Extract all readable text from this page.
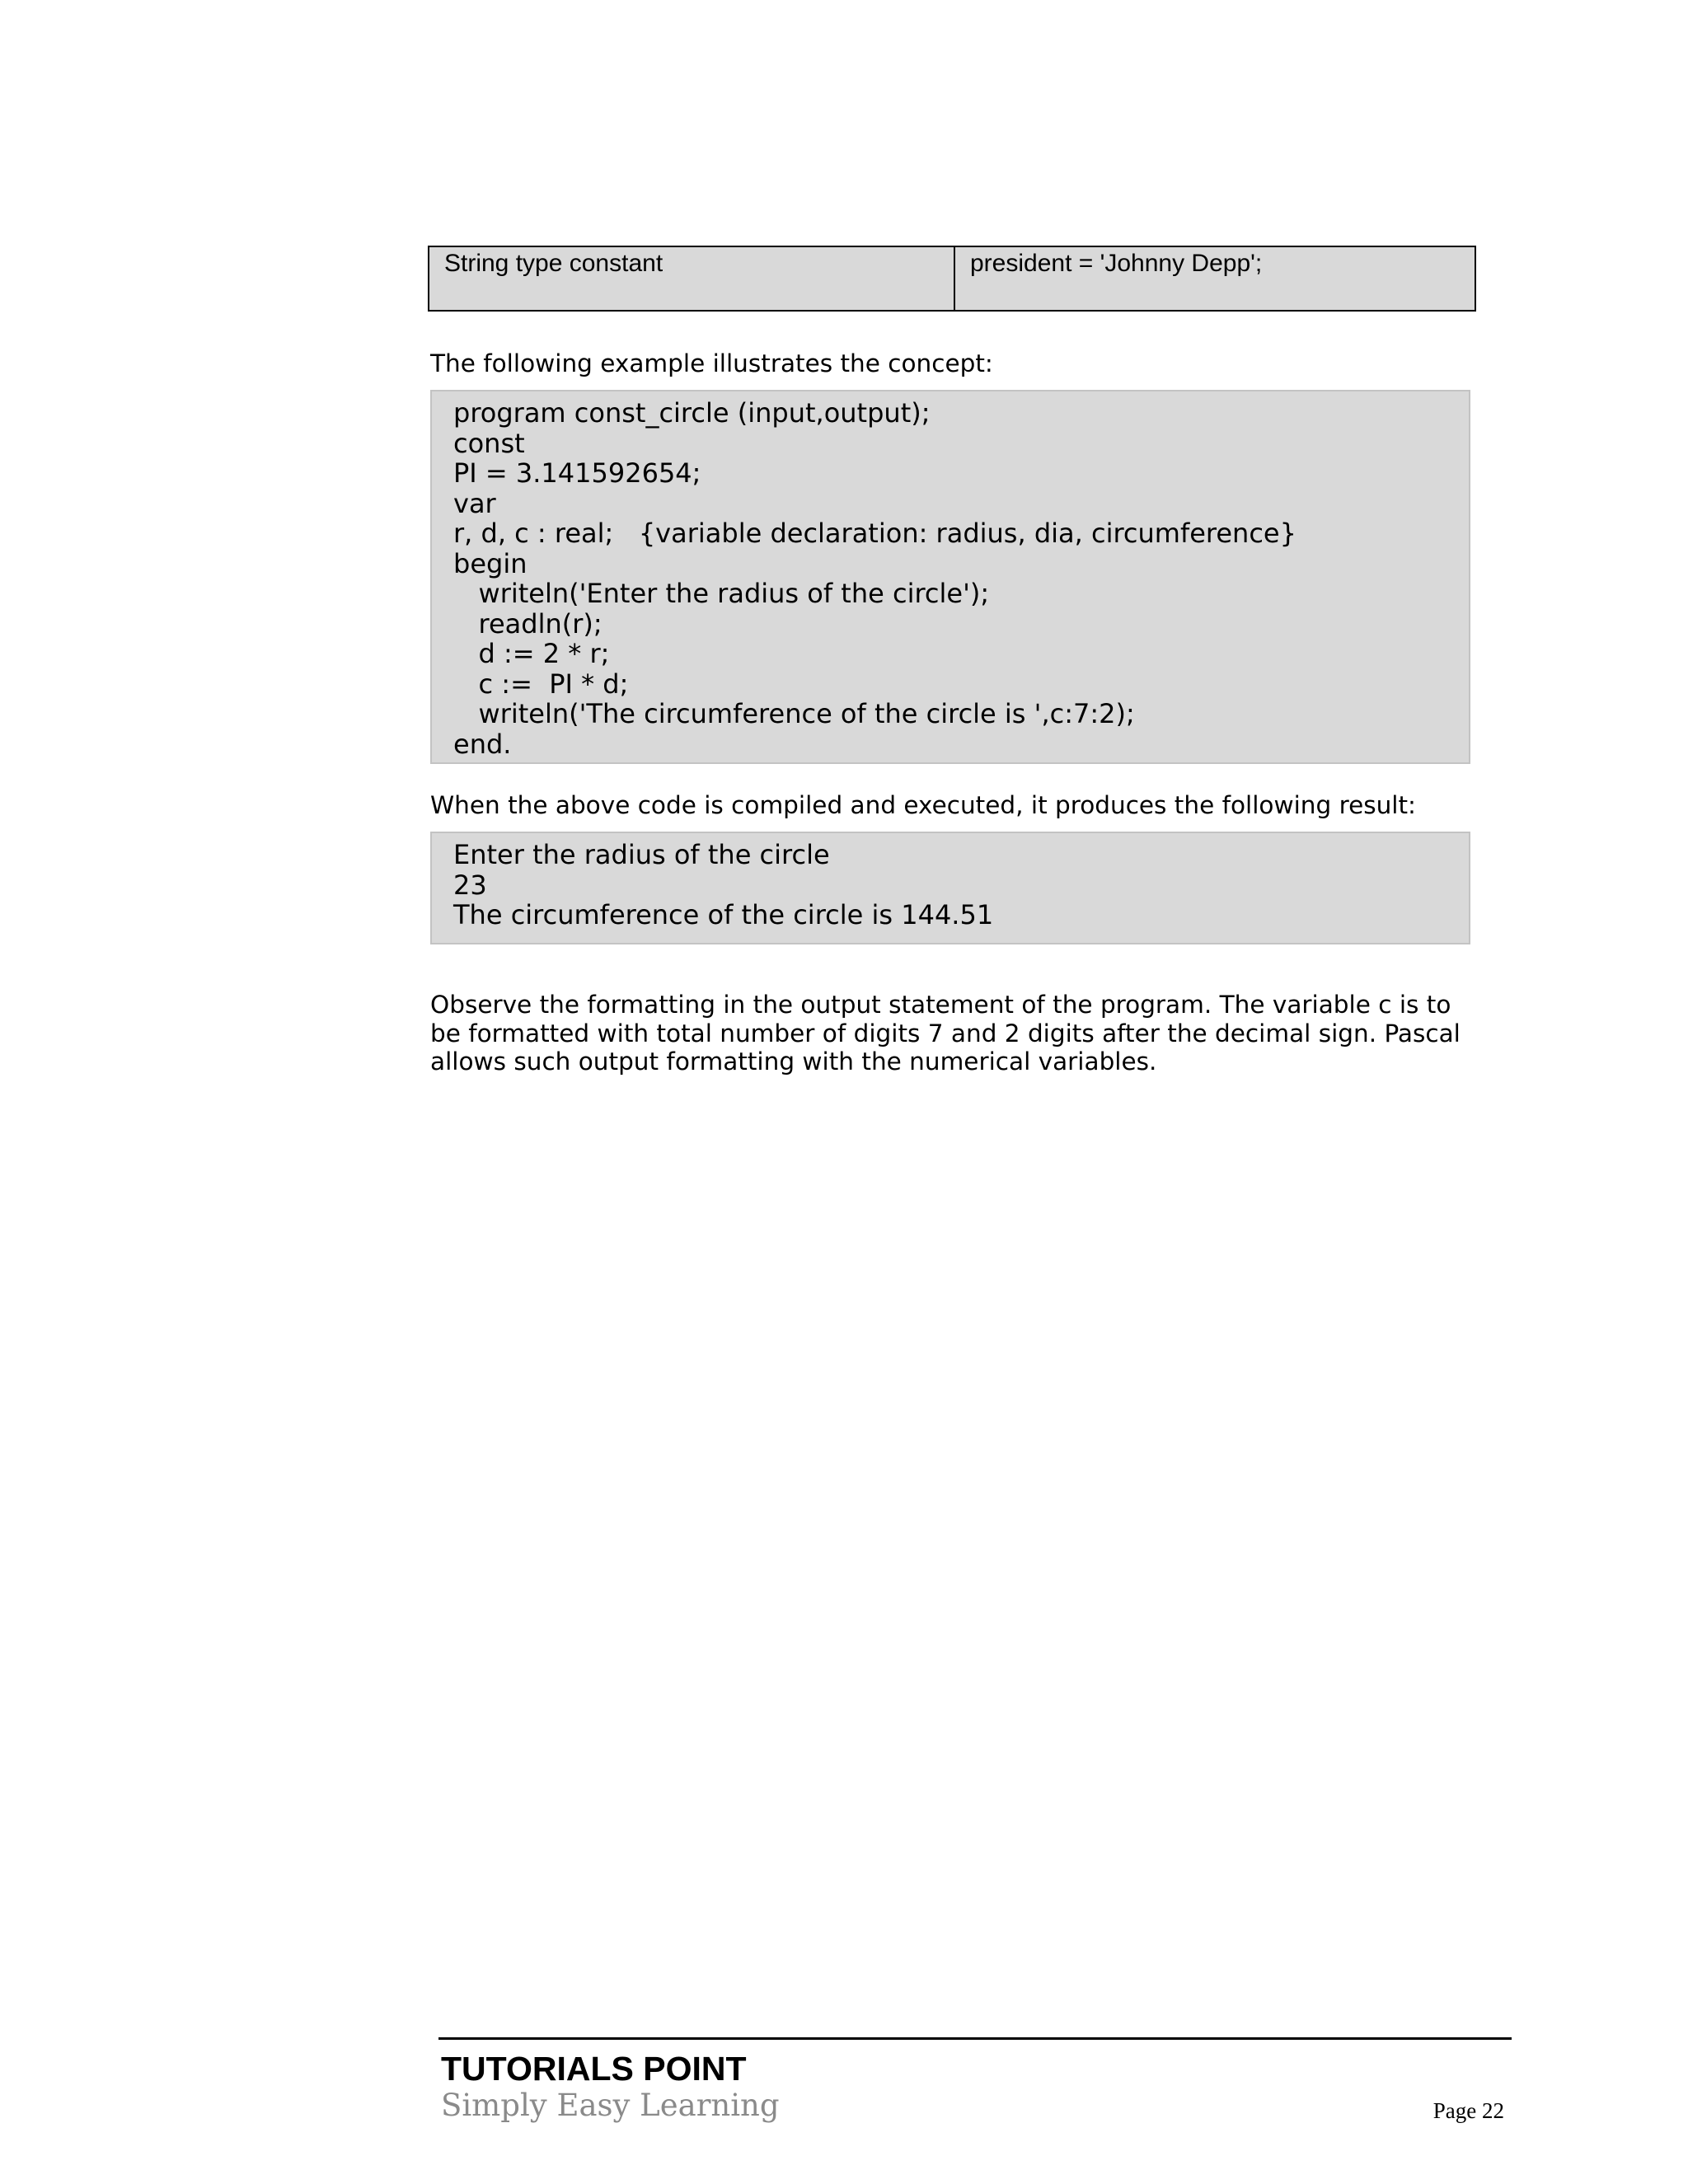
String type constant	president = 'Johnny Depp';

The following example illustrates the concept:

program const_circle (input,output);
const
PI = 3.141592654;
var
r, d, c : real;   {variable declaration: radius, dia, circumference}
begin
writeln('Enter the radius of the circle');
readln(r);
d := 2 * r;
c :=  PI * d;
writeln('The circumference of the circle is ',c:7:2);
end.

When the above code is compiled and executed, it produces the following result:

Enter the radius of the circle
23
The circumference of the circle is 144.51

Observe the formatting in the output statement of the program. The variable c is to be formatted with total number of digits 7 and 2 digits after the decimal sign. Pascal allows such output formatting with the numerical variables.

TUTORIALS POINT
Simply Easy Learning	Page 22
